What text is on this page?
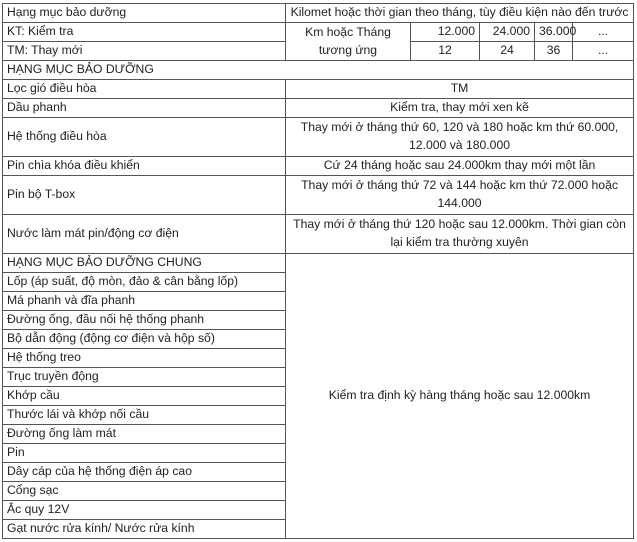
Hạng mục bảo dưỡng	Kilomet hoặc thời gian theo tháng, tùy điều kiện nào đến trước					
KT: Kiểm tra	Km hoặc Tháng tương ứng	12.000	24.000	36.000	...	
TM: Thay mới		12	24	36	...	
HẠNG MỤC BẢO DƯỠNG						
Lọc gió điều hòa	TM					
Dầu phanh	Kiểm tra, thay mới xen kẽ					
Hệ thống điều hòa	Thay mới ở tháng thứ 60, 120 và 180 hoặc km thứ 60.000, 12.000 và 180.000					
Pin chìa khóa điều khiển	Cứ 24 tháng hoặc sau 24.000km thay mới một lần					
Pin bộ T-box	Thay mới ở tháng thứ 72 và 144 hoặc km thứ 72.000 hoặc 144.000					
Nước làm mát pin/động cơ điện	Thay mới ở tháng thứ 120 hoặc sau 12.000km. Thời gian còn lại kiểm tra thường xuyên					
HẠNG MỤC BẢO DƯỠNG CHUNG	Kiểm tra định kỳ hàng tháng hoặc sau 12.000km					
Lốp (áp suất, độ mòn, đảo & cân bằng lốp)						
Má phanh và đĩa phanh						
Đường ống, đầu nối hệ thống phanh						
Bộ dẫn động (động cơ điện và hộp số)						
Hệ thống treo						
Trục truyền động						
Khớp cầu						
Thước lái và khớp nối cầu						
Đường ống làm mát						
Pin						
Dây cáp của hệ thống điện áp cao						
Cổng sạc						
Ắc quy 12V						
Gạt nước rửa kính/ Nước rửa kính						
